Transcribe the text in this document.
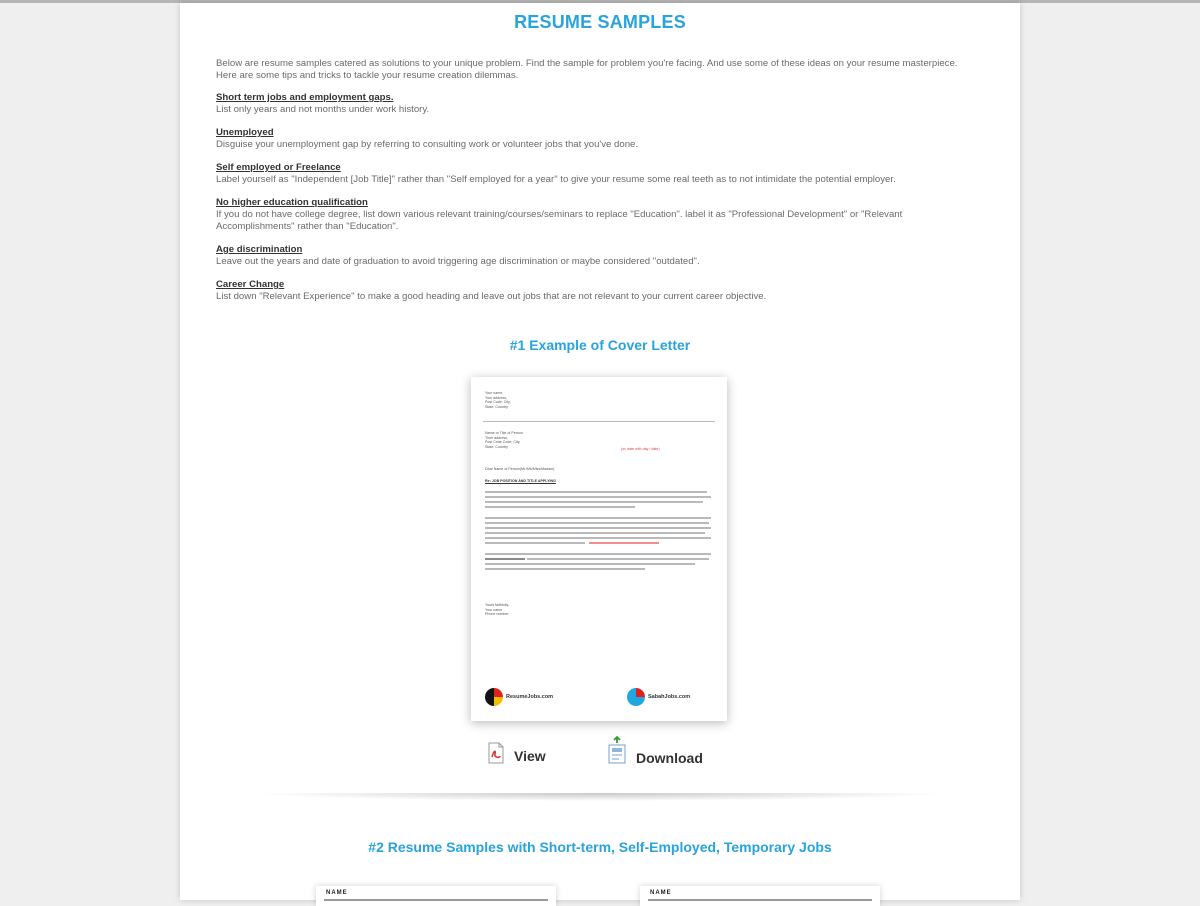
RESUME SAMPLES

Below are resume samples catered as solutions to your unique problem. Find the sample for problem you're facing. And use some of these ideas on your resume masterpiece. Here are some tips and tricks to tackle your resume creation dilemmas.

Short term jobs and employment gaps.
List only years and not months under work history.
Unemployed
Disguise your unemployment gap by referring to consulting work or volunteer jobs that you've done.
Self employed or Freelance
Label yourself as "Independent [Job Title]" rather than "Self employed for a year" to give your resume some real teeth as to not intimidate the potential employer.
No higher education qualification
If you do not have college degree, list down various relevant training/courses/seminars to replace "Education". label it as "Professional Development" or "Relevant Accomplishments" rather than "Education".
Age discrimination
Leave out the years and date of graduation to avoid triggering age discrimination or maybe considered "outdated".
Career Change
List down "Relevant Experience" to make a good heading and leave out jobs that are not relevant to your current career objective.
#1 Example of Cover Letter
Your name,
Your address,
Post Code, City,
State, Country
Name or Title of Person
Their address,
Post Code Code, City,
State, Country
(or, date with day / date)
Dear Name of Person(Mr./Ms/Miss/Madam)
Re: JOB POSITION AND TITLE APPLYING
Yours faithfully,
Your name
Phone number
ResumeJobs.com	SabahJobs.com
View	Download
#2 Resume Samples with Short-term, Self-Employed, Temporary Jobs
NAME	NAME
